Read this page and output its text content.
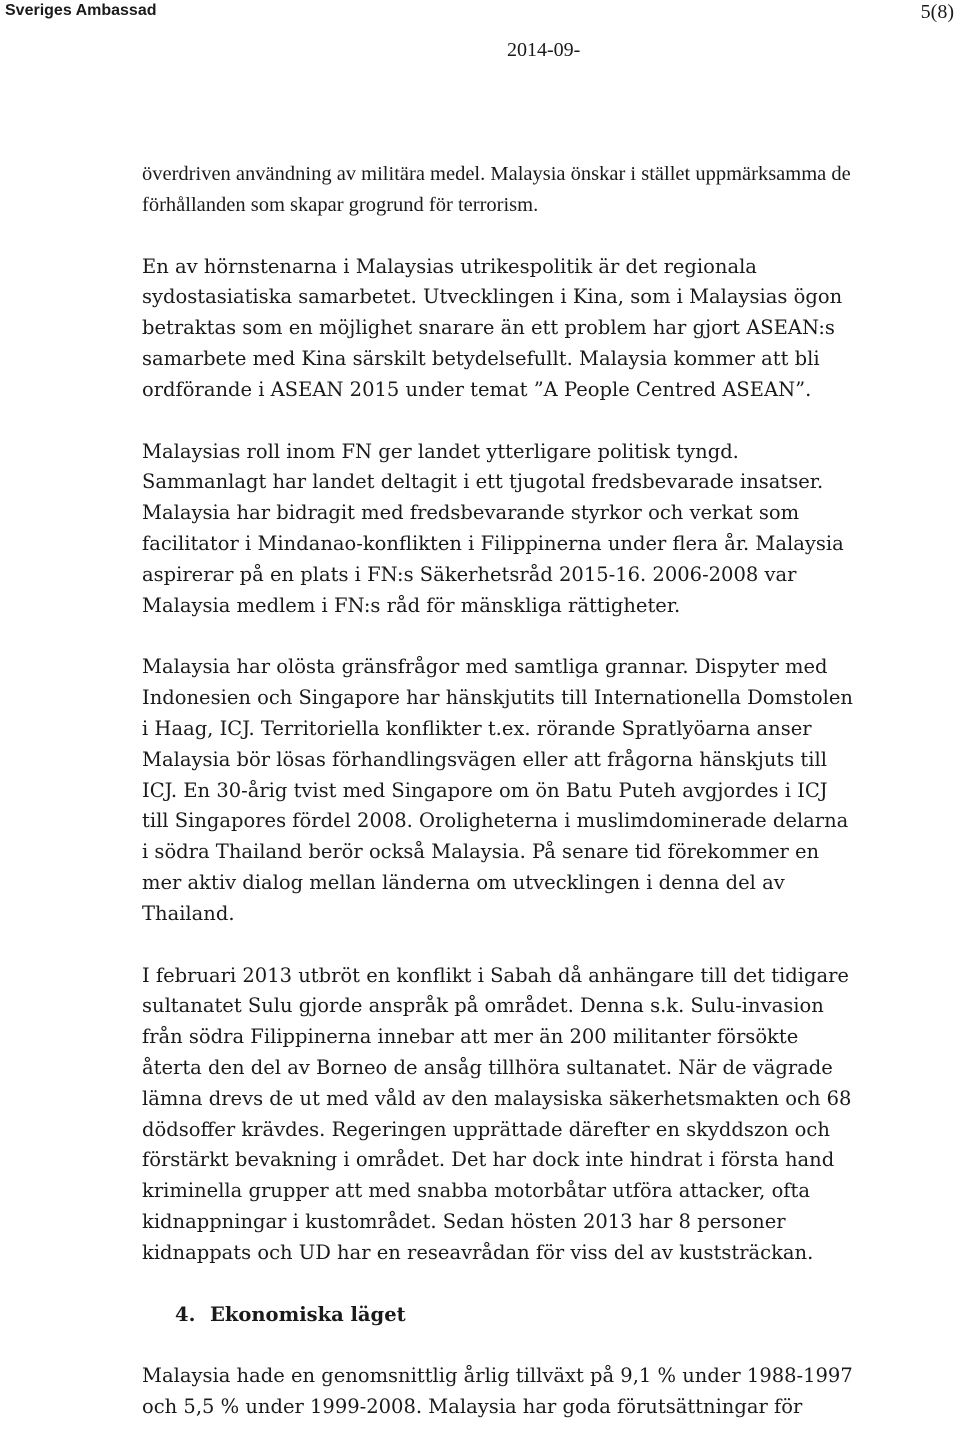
Sveriges Ambassad	5(8)
2014-09-

överdriven användning av militära medel. Malaysia önskar i stället uppmärksamma de förhållanden som skapar grogrund för terrorism.

En av hörnstenarna i Malaysias utrikespolitik är det regionala sydostasiatiska samarbetet. Utvecklingen i Kina, som i Malaysias ögon betraktas som en möjlighet snarare än ett problem har gjort ASEAN:s samarbete med Kina särskilt betydelsefullt. Malaysia kommer att bli ordförande i ASEAN 2015 under temat ”A People Centred ASEAN”.

Malaysias roll inom FN ger landet ytterligare politisk tyngd. Sammanlagt har landet deltagit i ett tjugotal fredsbevarade insatser. Malaysia har bidragit med fredsbevarande styrkor och verkat som facilitator i Mindanao-konflikten i Filippinerna under flera år. Malaysia aspirerar på en plats i FN:s Säkerhetsråd 2015-16. 2006-2008 var Malaysia medlem i FN:s råd för mänskliga rättigheter.

Malaysia har olösta gränsfrågor med samtliga grannar. Dispyter med Indonesien och Singapore har hänskjutits till Internationella Domstolen i Haag, ICJ. Territoriella konflikter t.ex. rörande Spratlyöarna anser Malaysia bör lösas förhandlingsvägen eller att frågorna hänskjuts till ICJ. En 30-årig tvist med Singapore om ön Batu Puteh avgjordes i ICJ till Singapores fördel 2008. Oroligheterna i muslimdominerade delarna i södra Thailand berör också Malaysia. På senare tid förekommer en mer aktiv dialog mellan länderna om utvecklingen i denna del av Thailand.

I februari 2013 utbröt en konflikt i Sabah då anhängare till det tidigare sultanatet Sulu gjorde anspråk på området. Denna s.k. Sulu-invasion från södra Filippinerna innebar att mer än 200 militanter försökte återta den del av Borneo de ansåg tillhöra sultanatet. När de vägrade lämna drevs de ut med våld av den malaysiska säkerhetsmakten och 68 dödsoffer krävdes. Regeringen upprättade därefter en skyddszon och förstärkt bevakning i området. Det har dock inte hindrat i första hand kriminella grupper att med snabba motorbåtar utföra attacker, ofta kidnappningar i kustområdet. Sedan hösten 2013 har 8 personer kidnappats och UD har en reseavrådan för viss del av kuststräckan.

4. Ekonomiska läget

Malaysia hade en genomsnittlig årlig tillväxt på 9,1 % under 1988-1997 och 5,5 % under 1999-2008. Malaysia har goda förutsättningar för
